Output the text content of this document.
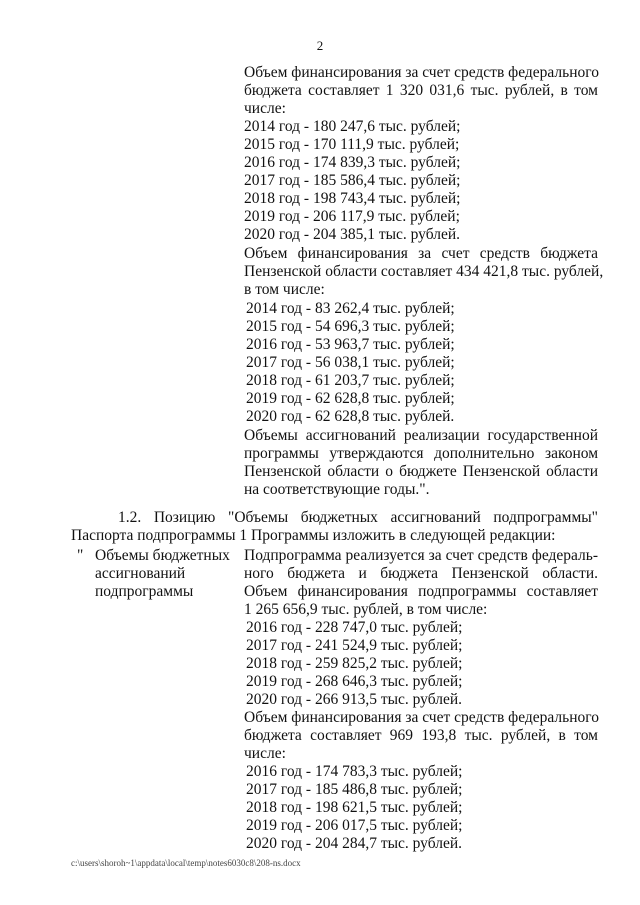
2
Объем финансирования за счет средств федерального
бюджета составляет 1 320 031,6 тыс. рублей, в том
числе:
2014 год - 180 247,6 тыс. рублей;
2015 год - 170 111,9 тыс. рублей;
2016 год - 174 839,3 тыс. рублей;
2017 год - 185 586,4 тыс. рублей;
2018 год - 198 743,4 тыс. рублей;
2019 год - 206 117,9 тыс. рублей;
2020 год - 204 385,1 тыс. рублей.
Объем финансирования за счет средств бюджета
Пензенской области составляет 434 421,8 тыс. рублей,
в том числе:
2014 год - 83 262,4 тыс. рублей;
2015 год - 54 696,3 тыс. рублей;
2016 год - 53 963,7 тыс. рублей;
2017 год - 56 038,1 тыс. рублей;
2018 год - 61 203,7 тыс. рублей;
2019 год - 62 628,8 тыс. рублей;
2020 год - 62 628,8 тыс. рублей.
Объемы ассигнований реализации государственной
программы утверждаются дополнительно законом
Пензенской области о бюджете Пензенской области
на соответствующие годы.".
1.2. Позицию "Объемы бюджетных ассигнований подпрограммы"
Паспорта подпрограммы 1 Программы изложить в следующей редакции:
" Объемы бюджетных
ассигнований
подпрограммы
Подпрограмма реализуется за счет средств федераль-
ного бюджета и бюджета Пензенской области.
Объем финансирования подпрограммы составляет
1 265 656,9 тыс. рублей, в том числе:
2016 год - 228 747,0 тыс. рублей;
2017 год - 241 524,9 тыс. рублей;
2018 год - 259 825,2 тыс. рублей;
2019 год - 268 646,3 тыс. рублей;
2020 год - 266 913,5 тыс. рублей.
Объем финансирования за счет средств федерального
бюджета составляет 969 193,8 тыс. рублей, в том
числе:
2016 год - 174 783,3 тыс. рублей;
2017 год - 185 486,8 тыс. рублей;
2018 год - 198 621,5 тыс. рублей;
2019 год - 206 017,5 тыс. рублей;
2020 год - 204 284,7 тыс. рублей.
c:\users\shoroh~1\appdata\local\temp\notes6030c8\208-ns.docx
